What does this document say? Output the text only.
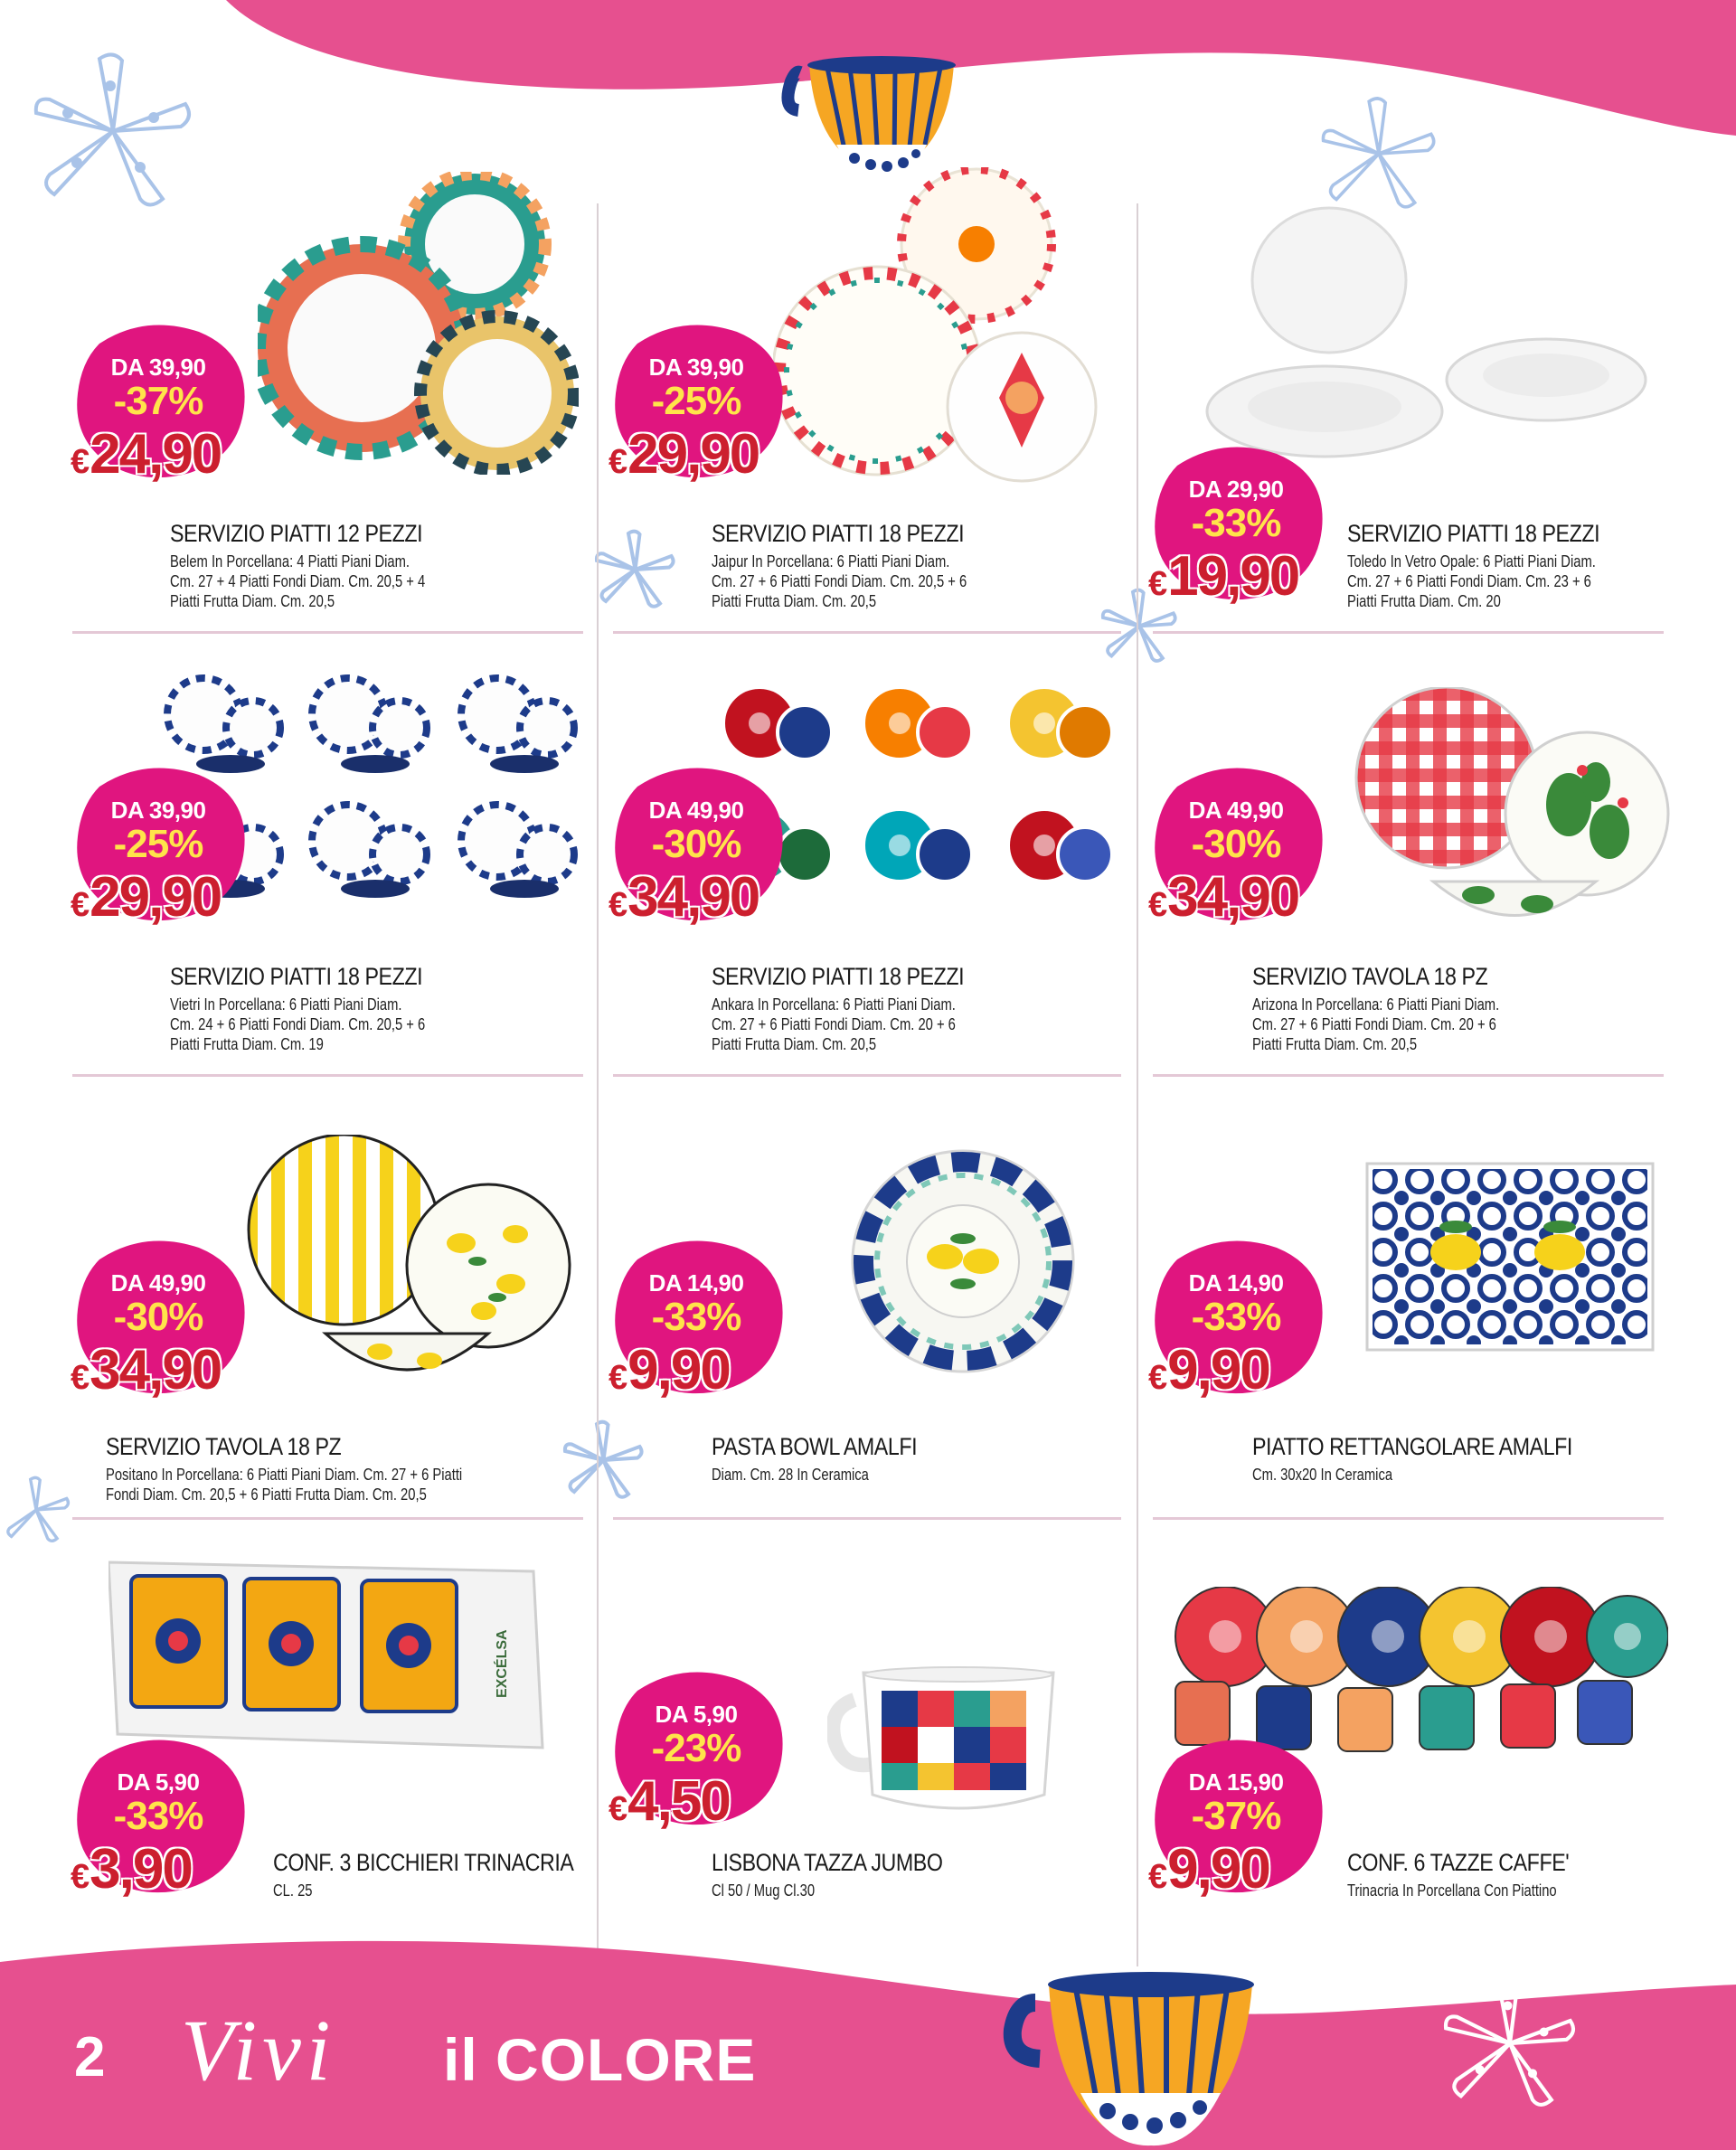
EXCÉLSA
DA 39,90
-37%
€24,90
SERVIZIO PIATTI 12 PEZZI
Belem In Porcellana: 4 Piatti Piani Diam.
Cm. 27 + 4 Piatti Fondi Diam. Cm. 20,5 + 4
Piatti Frutta Diam. Cm. 20,5
DA 39,90
-25%
€29,90
SERVIZIO PIATTI 18 PEZZI
Jaipur In Porcellana: 6 Piatti Piani Diam.
Cm. 27 + 6 Piatti Fondi Diam. Cm. 20,5 + 6
Piatti Frutta Diam. Cm. 20,5
DA 29,90
-33%
€19,90
SERVIZIO PIATTI 18 PEZZI
Toledo In Vetro Opale: 6 Piatti Piani Diam.
Cm. 27 + 6 Piatti Fondi Diam. Cm. 23 + 6
Piatti Frutta Diam. Cm. 20
DA 39,90
-25%
€29,90
SERVIZIO PIATTI 18 PEZZI
Vietri In Porcellana: 6 Piatti Piani Diam.
Cm. 24 + 6 Piatti Fondi Diam. Cm. 20,5 + 6
Piatti Frutta Diam. Cm. 19
DA 49,90
-30%
€34,90
SERVIZIO PIATTI 18 PEZZI
Ankara In Porcellana: 6 Piatti Piani Diam.
Cm. 27 + 6 Piatti Fondi Diam. Cm. 20 + 6
Piatti Frutta Diam. Cm. 20,5
DA 49,90
-30%
€34,90
SERVIZIO TAVOLA 18 PZ
Arizona In Porcellana: 6 Piatti Piani Diam.
Cm. 27 + 6 Piatti Fondi Diam. Cm. 20 + 6
Piatti Frutta Diam. Cm. 20,5
DA 49,90
-30%
€34,90
SERVIZIO TAVOLA 18 PZ
Positano In Porcellana: 6 Piatti Piani Diam. Cm. 27 + 6 Piatti
Fondi Diam. Cm. 20,5 + 6 Piatti Frutta Diam. Cm. 20,5
DA 14,90
-33%
€9,90
PASTA BOWL AMALFI
Diam. Cm. 28 In Ceramica
DA 14,90
-33%
€9,90
PIATTO RETTANGOLARE AMALFI
Cm. 30x20 In Ceramica
DA 5,90
-33%
€3,90	CONF. 3 BICCHIERI TRINACRIA
CL. 25
DA 5,90
-23%
€4,50
LISBONA TAZZA JUMBO
Cl 50 / Mug Cl.30
DA 15,90
-37%
€9,90	CONF. 6 TAZZE CAFFE'
Trinacria In Porcellana Con Piattino
2 Vivi il COLORE
